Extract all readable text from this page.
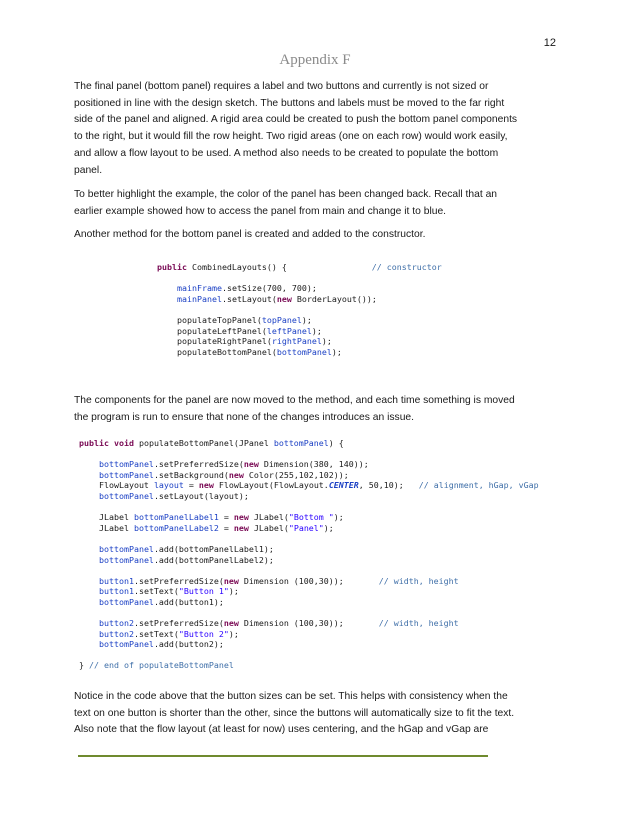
12
Appendix F

The final panel (bottom panel) requires a label and two buttons and currently is not sized or positioned in line with the design sketch. The buttons and labels must be moved to the far right side of the panel and aligned. A rigid area could be created to push the bottom panel components to the right, but it would fill the row height. Two rigid areas (one on each row) would work easily, and allow a flow layout to be used. A method also needs to be created to populate the bottom panel.

To better highlight the example, the color of the panel has been changed back. Recall that an earlier example showed how to access the panel from main and change it to blue.

Another method for the bottom panel is created and added to the constructor.

public CombinedLayouts() {                 // constructor
mainFrame.setSize(700, 700);
mainPanel.setLayout(new BorderLayout());
populateTopPanel(topPanel);
populateLeftPanel(leftPanel);
populateRightPanel(rightPanel);
populateBottomPanel(bottomPanel);

The components for the panel are now moved to the method, and each time something is moved the program is run to ensure that none of the changes introduces an issue.

public void populateBottomPanel(JPanel bottomPanel) {
bottomPanel.setPreferredSize(new Dimension(380, 140));
bottomPanel.setBackground(new Color(255,102,102));
FlowLayout layout = new FlowLayout(FlowLayout.CENTER, 50,10);   // alignment, hGap, vGap
bottomPanel.setLayout(layout);
JLabel bottomPanelLabel1 = new JLabel("Bottom ");
JLabel bottomPanelLabel2 = new JLabel("Panel");
bottomPanel.add(bottomPanelLabel1);
bottomPanel.add(bottomPanelLabel2);
button1.setPreferredSize(new Dimension (100,30));       // width, height
button1.setText("Button 1");
bottomPanel.add(button1);
button2.setPreferredSize(new Dimension (100,30));       // width, height
button2.setText("Button 2");
bottomPanel.add(button2);
} // end of populateBottomPanel

Notice in the code above that the button sizes can be set. This helps with consistency when the text on one button is shorter than the other, since the buttons will automatically size to fit the text. Also note that the flow layout (at least for now) uses centering, and the hGap and vGap are
